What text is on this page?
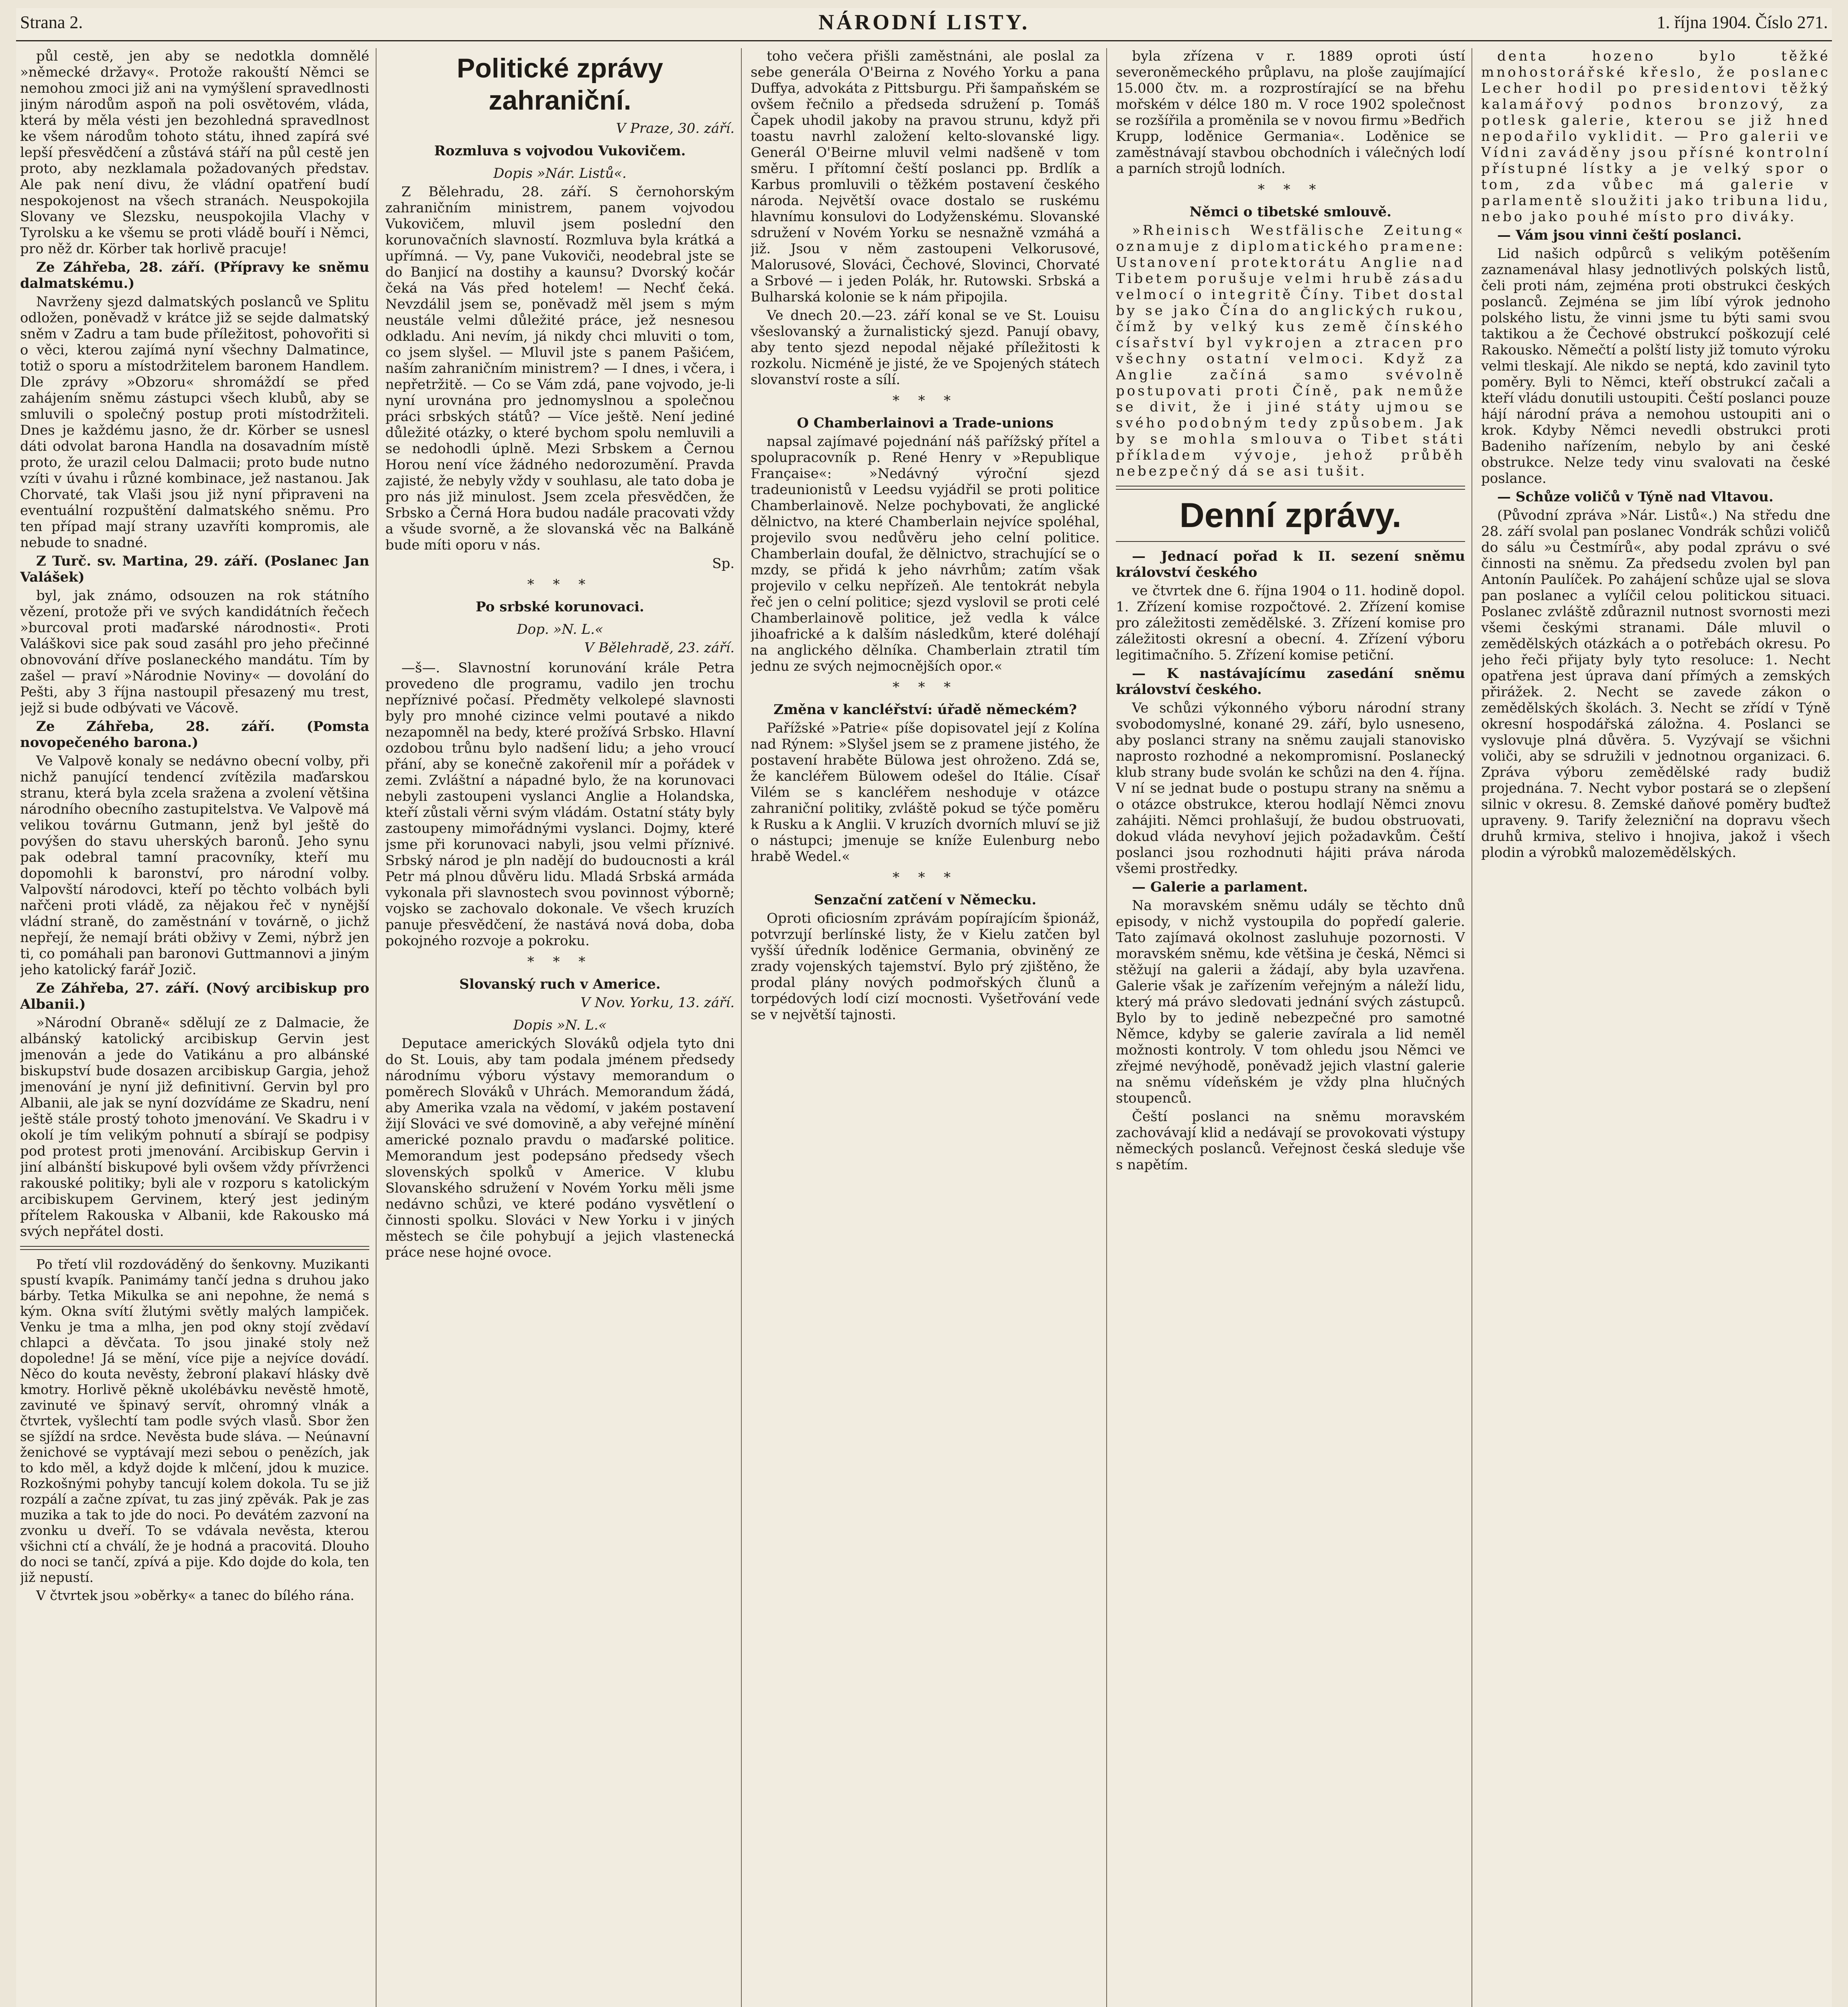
Strana 2.	NÁRODNÍ LISTY.	1. října 1904. Číslo 271.

půl cestě, jen aby se nedotkla domnělé »německé državy«. Protože rakouští Němci se nemohou zmoci již ani na vymýšlení spravedlnosti jiným národům aspoň na poli osvětovém, vláda, která by měla vésti jen bezohledná spravedlnost ke všem národům tohoto státu, ihned zapírá své lepší přesvědčení a zůstává stáří na půl cestě jen proto, aby nezklamala požadovaných představ. Ale pak není divu, že vládní opatření budí nespokojenost na všech stranách. Neuspokojila Slovany ve Slezsku, neuspokojila Vlachy v Tyrolsku a ke všemu se proti vládě bouří i Němci, pro něž dr. Körber tak horlivě pracuje!

Ze Záhřeba, 28. září. (Přípravy ke sněmu dalmatskému.)

Navrženy sjezd dalmatských poslanců ve Splitu odložen, poněvadž v krátce již se sejde dalmatský sněm v Zadru a tam bude příležitost, pohovořiti si o věci, kterou zajímá nyní všechny Dalmatince, totiž o sporu a místodržitelem baronem Handlem. Dle zprávy »Obzoru« shromáždí se před zahájením sněmu zástupci všech klubů, aby se smluvili o společný postup proti místodržiteli. Dnes je každému jasno, že dr. Körber se usnesl dáti odvolat barona Handla na dosavadním místě proto, že urazil celou Dalmacii; proto bude nutno vzíti v úvahu i různé kombinace, jež nastanou. Jak Chorvaté, tak Vlaši jsou již nyní připraveni na eventuální rozpuštění dalmatského sněmu. Pro ten případ mají strany uzavříti kompromis, ale nebude to snadné.

Z Turč. sv. Martina, 29. září. (Poslanec Jan Valášek)

byl, jak známo, odsouzen na rok státního vězení, protože při ve svých kandidátních řečech »burcoval proti maďarské národnosti«. Proti Valáškovi sice pak soud zasáhl pro jeho přečinné obnovování dříve poslaneckého mandátu. Tím by zašel — praví »Národnie Noviny« — dovolání do Pešti, aby 3 října nastoupil přesazený mu trest, jejž si bude odbývati ve Vácově.

Ze Záhřeba, 28. září. (Pomsta novopečeného barona.)

Ve Valpově konaly se nedávno obecní volby, při nichž panující tendencí zvítězila maďarskou stranu, která byla zcela sražena a zvolení většina národního obecního zastupitelstva. Ve Valpově má velikou továrnu Gutmann, jenž byl ještě do povýšen do stavu uherských baronů. Jeho synu pak odebral tamní pracovníky, kteří mu dopomohli k baronství, pro národní volby. Valpovští národovci, kteří po těchto volbách byli nařčeni proti vládě, za nějakou řeč v nynější vládní straně, do zaměstnání v továrně, o jichž nepřejí, že nemají bráti obživy v Zemi, nýbrž jen ti, co pomáhali pan baronovi Guttmannovi a jiným jeho katolický farář Jozič.

Ze Záhřeba, 27. září. (Nový arcibiskup pro Albanii.)

»Národní Obraně« sdělují ze z Dalmacie, že albánský katolický arcibiskup Gervin jest jmenován a jede do Vatikánu a pro albánské biskupství bude dosazen arcibiskup Gargia, jehož jmenování je nyní již definitivní. Gervin byl pro Albanii, ale jak se nyní dozvídáme ze Skadru, není ještě stále prostý tohoto jmenování. Ve Skadru i v okolí je tím velikým pohnutí a sbírají se podpisy pod protest proti jmenování. Arcibiskup Gervin i jiní albánští biskupové byli ovšem vždy přívrženci rakouské politiky; byli ale v rozporu s katolickým arcibiskupem Gervinem, který jest jediným přítelem Rakouska v Albanii, kde Rakousko má svých nepřátel dosti.

Po třetí vlil rozdováděný do šenkovny. Muzikanti spustí kvapík. Panimámy tančí jedna s druhou jako bárby. Tetka Mikulka se ani nepohne, že nemá s kým. Okna svítí žlutými světly malých lampiček. Venku je tma a mlha, jen pod okny stojí zvědaví chlapci a děvčata. To jsou jinaké stoly než dopoledne! Já se mění, více pije a nejvíce dovádí. Něco do kouta nevěsty, žebroní plakaví hlásky dvě kmotry. Horlivě pěkně ukolébávku nevěstě hmotě, zavinuté ve špinavý servít, ohromný vlnák a čtvrtek, vyšlechtí tam podle svých vlasů. Sbor žen se sjíždí na srdce. Nevěsta bude sláva. — Neúnavní ženichové se vyptávají mezi sebou o penězích, jak to kdo měl, a když dojde k mlčení, jdou k muzice. Rozkošnými pohyby tancují kolem dokola. Tu se již rozpálí a začne zpívat, tu zas jiný zpěvák. Pak je zas muzika a tak to jde do noci. Po devátém zazvoní na zvonku u dveří. To se vdávala nevěsta, kterou všichni ctí a chválí, že je hodná a pracovitá. Dlouho do noci se tančí, zpívá a pije. Kdo dojde do kola, ten již nepustí.

V čtvrtek jsou »oběrky« a tanec do bílého rána.

Politické zprávy zahraniční.

V Praze, 30. září.

Rozmluva s vojvodou Vukovičem.

Dopis »Nár. Listů«.

Z Bělehradu, 28. září. S černohorským zahraničním ministrem, panem vojvodou Vukovičem, mluvil jsem poslední den korunovačních slavností. Rozmluva byla krátká a upřímná. — Vy, pane Vukoviči, neodebral jste se do Banjicí na dostihy a kaunsu? Dvorský kočár čeká na Vás před hotelem! — Nechť čeká. Nevzdálil jsem se, poněvadž měl jsem s mým neustále velmi důležité práce, jež nesnesou odkladu. Ani nevím, já nikdy chci mluviti o tom, co jsem slyšel. — Mluvil jste s panem Pašićem, naším zahraničním ministrem? — I dnes, i včera, i nepřetržitě. — Co se Vám zdá, pane vojvodo, je-li nyní urovnána pro jednomyslnou a společnou práci srbských států? — Více ještě. Není jediné důležité otázky, o které bychom spolu nemluvili a se nedohodli úplně. Mezi Srbskem a Černou Horou není více žádného nedorozumění. Pravda zajisté, že nebyly vždy v souhlasu, ale tato doba je pro nás již minulost. Jsem zcela přesvědčen, že Srbsko a Černá Hora budou nadále pracovati vždy a všude svorně, a že slovanská věc na Balkáně bude míti oporu v nás.

Sp.

* * *

Po srbské korunovaci.

Dop. »N. L.«

V Bělehradě, 23. září.

—š—. Slavnostní korunování krále Petra provedeno dle programu, vadilo jen trochu nepříznivé počasí. Předměty velkolepé slavnosti byly pro mnohé cizince velmi poutavé a nikdo nezapomněl na bedy, které prožívá Srbsko. Hlavní ozdobou trůnu bylo nadšení lidu; a jeho vroucí přání, aby se konečně zakořenil mír a pořádek v zemi. Zvláštní a nápadné bylo, že na korunovaci nebyli zastoupeni vyslanci Anglie a Holandska, kteří zůstali věrni svým vládám. Ostatní státy byly zastoupeny mimořádnými vyslanci. Dojmy, které jsme při korunovaci nabyli, jsou velmi příznivé. Srbský národ je pln nadějí do budoucnosti a král Petr má plnou důvěru lidu. Mladá Srbská armáda vykonala při slavnostech svou povinnost výborně; vojsko se zachovalo dokonale. Ve všech kruzích panuje přesvědčení, že nastává nová doba, doba pokojného rozvoje a pokroku.

* * *

Slovanský ruch v Americe.

V Nov. Yorku, 13. září.

Dopis »N. L.«

Deputace amerických Slováků odjela tyto dni do St. Louis, aby tam podala jménem předsedy národnímu výboru výstavy memorandum o poměrech Slováků v Uhrách. Memorandum žádá, aby Amerika vzala na vědomí, v jakém postavení žijí Slováci ve své domovině, a aby veřejné mínění americké poznalo pravdu o maďarské politice. Memorandum jest podepsáno předsedy všech slovenských spolků v Americe. V klubu Slovanského sdružení v Novém Yorku měli jsme nedávno schůzi, ve které podáno vysvětlení o činnosti spolku. Slováci v New Yorku i v jiných městech se čile pohybují a jejich vlastenecká práce nese hojné ovoce.

toho večera přišli zaměstnáni, ale poslal za sebe generála O'Beirna z Nového Yorku a pana Duffya, advokáta z Pittsburgu. Při šampaňském se ovšem řečnilo a předseda sdružení p. Tomáš Čapek uhodil jakoby na pravou strunu, když při toastu navrhl založení kelto-slovanské ligy. Generál O'Beirne mluvil velmi nadšeně v tom směru. I přítomní čeští poslanci pp. Brdlík a Karbus promluvili o těžkém postavení českého národa. Největší ovace dostalo se ruskému hlavnímu konsulovi do Lodyženskému. Slovanské sdružení v Novém Yorku se nesnažně vzmáhá a již. Jsou v něm zastoupeni Velkorusové, Malorusové, Slováci, Čechové, Slovinci, Chorvaté a Srbové — i jeden Polák, hr. Rutowski. Srbská a Bulharská kolonie se k nám připojila.

Ve dnech 20.—23. září konal se ve St. Louisu všeslovanský a žurnalistický sjezd. Panují obavy, aby tento sjezd nepodal nějaké příležitosti k rozkolu. Nicméně je jisté, že ve Spojených státech slovanství roste a sílí.

* * *

O Chamberlainovi a Trade-unions

napsal zajímavé pojednání náš pařížský přítel a spolupracovník p. René Henry v »Republique Française«: »Nedávný výroční sjezd tradeunionistů v Leedsu vyjádřil se proti politice Chamberlainově. Nelze pochybovati, že anglické dělnictvo, na které Chamberlain nejvíce spoléhal, projevilo svou nedůvěru jeho celní politice. Chamberlain doufal, že dělnictvo, strachující se o mzdy, se přidá k jeho návrhům; zatím však projevilo v celku nepřízeň. Ale tentokrát nebyla řeč jen o celní politice; sjezd vyslovil se proti celé Chamberlainově politice, jež vedla k válce jihoafrické a k dalším následkům, které doléhají na anglického dělníka. Chamberlain ztratil tím jednu ze svých nejmocnějších opor.«

* * *

Změna v kancléřství: úřadě německém?

Pařížské »Patrie« píše dopisovatel její z Kolína nad Rýnem: »Slyšel jsem se z pramene jistého, že postavení hraběte Bülowa jest ohroženo. Zdá se, že kancléřem Bülowem odešel do Itálie. Císař Vilém se s kancléřem neshoduje v otázce zahraniční politiky, zvláště pokud se týče poměru k Rusku a k Anglii. V kruzích dvorních mluví se již o nástupci; jmenuje se kníže Eulenburg nebo hrabě Wedel.«

* * *

Senzační zatčení v Německu.

Oproti oficiosním zprávám popírajícím špionáž, potvrzují berlínské listy, že v Kielu zatčen byl vyšší úředník loděnice Germania, obviněný ze zrady vojenských tajemství. Bylo prý zjištěno, že prodal plány nových podmořských člunů a torpédových lodí cizí mocnosti. Vyšetřování vede se v největší tajnosti.

byla zřízena v r. 1889 oproti ústí severoněmeckého průplavu, na ploše zaujímající 15.000 čtv. m. a rozprostírající se na břehu mořském v délce 180 m. V roce 1902 společnost se rozšířila a proměnila se v novou firmu »Bedřich Krupp, loděnice Germania«. Loděnice se zaměstnávají stavbou obchodních i válečných lodí a parních strojů lodních.

* * *

Němci o tibetské smlouvě.

»Rheinisch Westfälische Zeitung« oznamuje z diplomatického pramene: Ustanovení protektorátu Anglie nad Tibetem porušuje velmi hrubě zásadu velmocí o integritě Číny. Tibet dostal by se jako Čína do anglických rukou, čímž by velký kus země čínského císařství byl vykrojen a ztracen pro všechny ostatní velmoci. Když za Anglie začíná samo svévolně postupovati proti Číně, pak nemůže se divit, že i jiné státy ujmou se svého podobným tedy způsobem. Jak by se mohla smlouva o Tibet státi příkladem vývoje, jehož průběh nebezpečný dá se asi tušit.

Denní zprávy.

— Jednací pořad k II. sezení sněmu království českého

ve čtvrtek dne 6. října 1904 o 11. hodině dopol. 1. Zřízení komise rozpočtové. 2. Zřízení komise pro záležitosti zemědělské. 3. Zřízení komise pro záležitosti okresní a obecní. 4. Zřízení výboru legitimačního. 5. Zřízení komise petiční.

— K nastávajícímu zasedání sněmu království českého.

Ve schůzi výkonného výboru národní strany svobodomyslné, konané 29. září, bylo usneseno, aby poslanci strany na sněmu zaujali stanovisko naprosto rozhodné a nekompromisní. Poslanecký klub strany bude svolán ke schůzi na den 4. října. V ní se jednat bude o postupu strany na sněmu a o otázce obstrukce, kterou hodlají Němci znovu zahájiti. Němci prohlašují, že budou obstruovati, dokud vláda nevyhoví jejich požadavkům. Čeští poslanci jsou rozhodnuti hájiti práva národa všemi prostředky.

— Galerie a parlament.

Na moravském sněmu udály se těchto dnů episody, v nichž vystoupila do popředí galerie. Tato zajímavá okolnost zasluhuje pozornosti. V moravském sněmu, kde většina je česká, Němci si stěžují na galerii a žádají, aby byla uzavřena. Galerie však je zařízením veřejným a náleží lidu, který má právo sledovati jednání svých zástupců. Bylo by to jedině nebezpečné pro samotné Němce, kdyby se galerie zavírala a lid neměl možnosti kontroly. V tom ohledu jsou Němci ve zřejmé nevýhodě, poněvadž jejich vlastní galerie na sněmu vídeňském je vždy plna hlučných stoupenců.

Čeští poslanci na sněmu moravském zachovávají klid a nedávají se provokovati výstupy německých poslanců. Veřejnost česká sleduje vše s napětím.

denta hozeno bylo těžké mnohostorářské křeslo, že poslanec Lecher hodil po presidentovi těžký kalamářový podnos bronzový, za potlesk galerie, kterou se již hned nepodařilo vyklidit. — Pro galerii ve Vídni zaváděny jsou přísné kontrolní přístupné lístky a je velký spor o tom, zda vůbec má galerie v parlamentě sloužiti jako tribuna lidu, nebo jako pouhé místo pro diváky.

— Vám jsou vinni čeští poslanci.

Lid našich odpůrců s velikým potěšením zaznamenával hlasy jednotlivých polských listů, čeli proti nám, zejména proti obstrukci českých poslanců. Zejména se jim líbí výrok jednoho polského listu, že vinni jsme tu býti sami svou taktikou a že Čechové obstrukcí poškozují celé Rakousko. Němečtí a polští listy již tomuto výroku velmi tleskají. Ale nikdo se neptá, kdo zavinil tyto poměry. Byli to Němci, kteří obstrukcí začali a kteří vládu donutili ustoupiti. Čeští poslanci pouze hájí národní práva a nemohou ustoupiti ani o krok. Kdyby Němci nevedli obstrukci proti Badeniho nařízením, nebylo by ani české obstrukce. Nelze tedy vinu svalovati na české poslance.

— Schůze voličů v Týně nad Vltavou.

(Původní zpráva »Nár. Listů«.) Na středu dne 28. září svolal pan poslanec Vondrák schůzi voličů do sálu »u Čestmírů«, aby podal zprávu o své činnosti na sněmu. Za předsedu zvolen byl pan Antonín Paulíček. Po zahájení schůze ujal se slova pan poslanec a vylíčil celou politickou situaci. Poslanec zvláště zdůraznil nutnost svornosti mezi všemi českými stranami. Dále mluvil o zemědělských otázkách a o potřebách okresu. Po jeho řeči přijaty byly tyto resoluce: 1. Necht opatřena jest úprava daní přímých a zemských přirážek. 2. Necht se zavede zákon o zemědělských školách. 3. Necht se zřídí v Týně okresní hospodářská záložna. 4. Poslanci se vyslovuje plná důvěra. 5. Vyzývají se všichni voliči, aby se sdružili v jednotnou organizaci. 6. Zpráva výboru zemědělské rady budiž projednána. 7. Necht vybor postará se o zlepšení silnic v okresu. 8. Zemské daňové poměry buďtež upraveny. 9. Tarify železniční na dopravu všech druhů krmiva, stelivo i hnojiva, jakož i všech plodin a výrobků malozemědělských.
